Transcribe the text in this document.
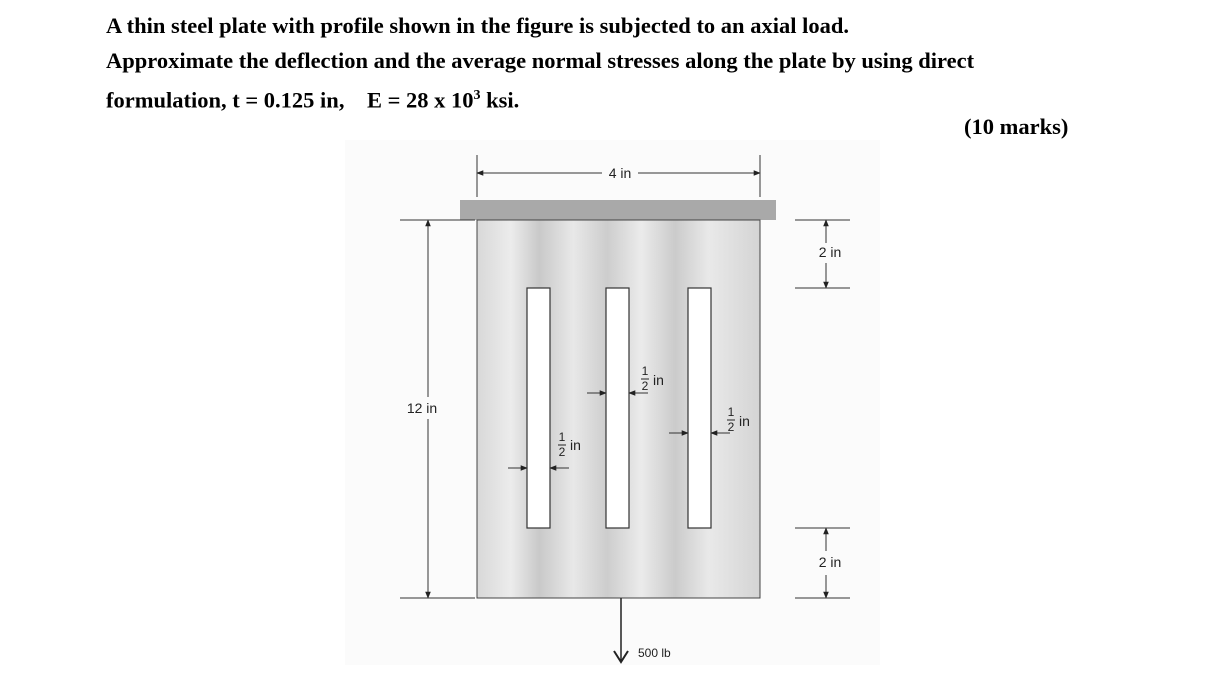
A thin steel plate with profile shown in the figure is subjected to an axial load.

Approximate the deflection and the average normal stresses along the plate by using direct

formulation, t = 0.125 in,    E = 28 x $10^3$ ksi.

(10 marks)
4 in
12 in
2 in
2 in
1
2 in
1
2 in
1
2 in
500 lb
